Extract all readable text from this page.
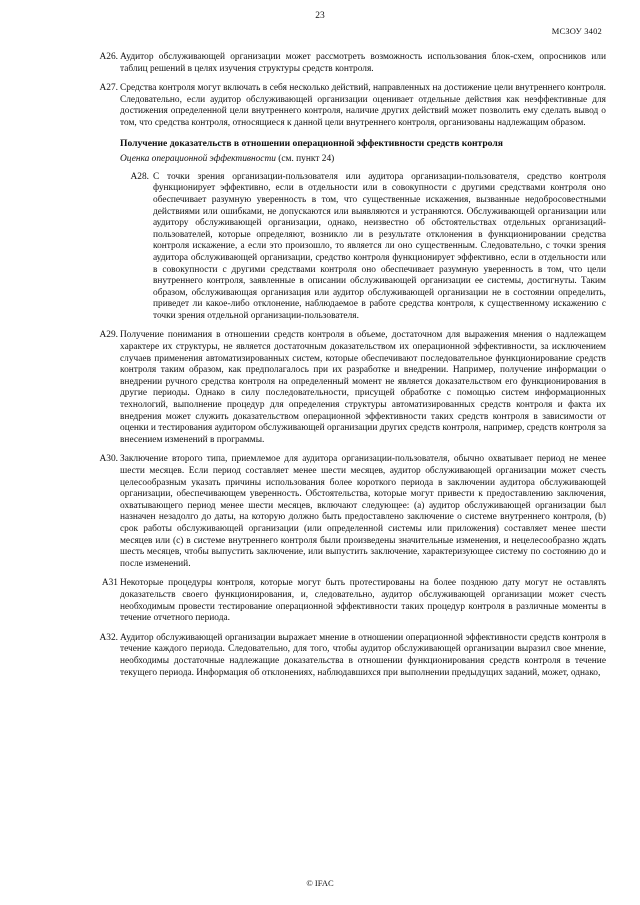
23
МСЗОУ 3402
A26. Аудитор обслуживающей организации может рассмотреть возможность использования блок-схем, опросников или таблиц решений в целях изучения структуры средств контроля.
A27. Средства контроля могут включать в себя несколько действий, направленных на достижение цели внутреннего контроля. Следовательно, если аудитор обслуживающей организации оценивает отдельные действия как неэффективные для достижения определенной цели внутреннего контроля, наличие других действий может позволить ему сделать вывод о том, что средства контроля, относящиеся к данной цели внутреннего контроля, организованы надлежащим образом.
Получение доказательств в отношении операционной эффективности средств контроля
Оценка операционной эффективности (см. пункт 24)
A28. С точки зрения организации-пользователя или аудитора организации-пользователя, средство контроля функционирует эффективно, если в отдельности или в совокупности с другими средствами контроля оно обеспечивает разумную уверенность в том, что существенные искажения, вызванные недобросовестными действиями или ошибками, не допускаются или выявляются и устраняются. Обслуживающей организации или аудитору обслуживающей организации, однако, неизвестно об обстоятельствах отдельных организаций-пользователей, которые определяют, возникло ли в результате отклонения в функционировании средства контроля искажение, а если это произошло, то является ли оно существенным. Следовательно, с точки зрения аудитора обслуживающей организации, средство контроля функционирует эффективно, если в отдельности или в совокупности с другими средствами контроля оно обеспечивает разумную уверенность в том, что цели внутреннего контроля, заявленные в описании обслуживающей организации ее системы, достигнуты. Таким образом, обслуживающая организация или аудитор обслуживающей организации не в состоянии определить, приведет ли какое-либо отклонение, наблюдаемое в работе средства контроля, к существенному искажению с точки зрения отдельной организации-пользователя.
A29. Получение понимания в отношении средств контроля в объеме, достаточном для выражения мнения о надлежащем характере их структуры, не является достаточным доказательством их операционной эффективности, за исключением случаев применения автоматизированных систем, которые обеспечивают последовательное функционирование средств контроля таким образом, как предполагалось при их разработке и внедрении. Например, получение информации о внедрении ручного средства контроля на определенный момент не является доказательством его функционирования в другие периоды. Однако в силу последовательности, присущей обработке с помощью систем информационных технологий, выполнение процедур для определения структуры автоматизированных средств контроля и факта их внедрения может служить доказательством операционной эффективности таких средств контроля в зависимости от оценки и тестирования аудитором обслуживающей организации других средств контроля, например, средств контроля за внесением изменений в программы.
A30. Заключение второго типа, приемлемое для аудитора организации-пользователя, обычно охватывает период не менее шести месяцев. Если период составляет менее шести месяцев, аудитор обслуживающей организации может счесть целесообразным указать причины использования более короткого периода в заключении аудитора обслуживающей организации, обеспечивающем уверенность. Обстоятельства, которые могут привести к предоставлению заключения, охватывающего период менее шести месяцев, включают следующее: (а) аудитор обслуживающей организации был назначен незадолго до даты, на которую должно быть предоставлено заключение о системе внутреннего контроля, (b) срок работы обслуживающей организации (или определенной системы или приложения) составляет менее шести месяцев или (с) в системе внутреннего контроля были произведены значительные изменения, и нецелесообразно ждать шесть месяцев, чтобы выпустить заключение, или выпустить заключение, характеризующее систему по состоянию до и после изменений.
A31 Некоторые процедуры контроля, которые могут быть протестированы на более позднюю дату могут не оставлять доказательств своего функционирования, и, следовательно, аудитор обслуживающей организации может счесть необходимым провести тестирование операционной эффективности таких процедур контроля в различные моменты в течение отчетного периода.
A32. Аудитор обслуживающей организации выражает мнение в отношении операционной эффективности средств контроля в течение каждого периода. Следовательно, для того, чтобы аудитор обслуживающей организации выразил свое мнение, необходимы достаточные надлежащие доказательства в отношении функционирования средств контроля в течение текущего периода. Информация об отклонениях, наблюдавшихся при выполнении предыдущих заданий, может, однако,
© IFAC
